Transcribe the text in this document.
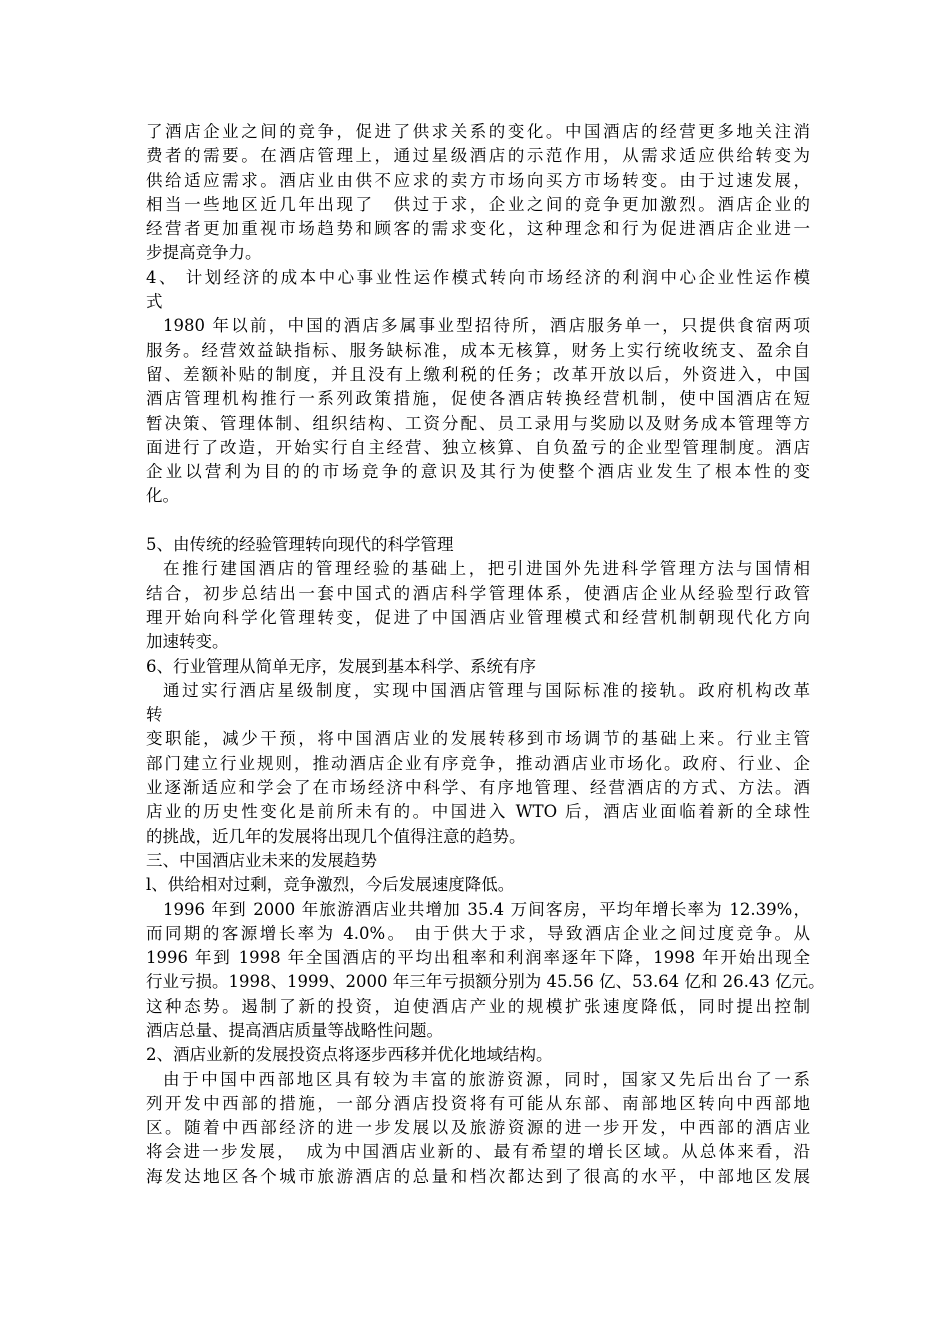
了酒店企业之间的竞争，促进了供求关系的变化。中国酒店的经营更多地关注消
费者的需要。在酒店管理上，通过星级酒店的示范作用，从需求适应供给转变为
供给适应需求。酒店业由供不应求的卖方市场向买方市场转变。由于过速发展，
相当一些地区近几年出现了　供过于求，企业之间的竞争更加激烈。酒店企业的
经营者更加重视市场趋势和顾客的需求变化，这种理念和行为促进酒店企业进一
步提高竞争力。
4、 计划经济的成本中心事业性运作模式转向市场经济的利润中心企业性运作模
式
1980 年以前，中国的酒店多属事业型招待所，酒店服务单一，只提供食宿两项
服务。经营效益缺指标、服务缺标准，成本无核算，财务上实行统收统支、盈余自
留、差额补贴的制度，并且没有上缴利税的任务；改革开放以后，外资进入，中国
酒店管理机构推行一系列政策措施，促使各酒店转换经营机制，使中国酒店在短
暂决策、管理体制、组织结构、工资分配、员工录用与奖励以及财务成本管理等方
面进行了改造，开始实行自主经营、独立核算、自负盈亏的企业型管理制度。酒店
企业以营利为目的的市场竞争的意识及其行为使整个酒店业发生了根本性的变
化。
5、由传统的经验管理转向现代的科学管理
在推行建国酒店的管理经验的基础上，把引进国外先进科学管理方法与国情相
结合，初步总结出一套中国式的酒店科学管理体系，使酒店企业从经验型行政管
理开始向科学化管理转变，促进了中国酒店业管理模式和经营机制朝现代化方向
加速转变。
6、行业管理从简单无序，发展到基本科学、系统有序
通过实行酒店星级制度，实现中国酒店管理与国际标准的接轨。政府机构改革
转
变职能，减少干预，将中国酒店业的发展转移到市场调节的基础上来。行业主管
部门建立行业规则，推动酒店企业有序竞争，推动酒店业市场化。政府、行业、企
业逐渐适应和学会了在市场经济中科学、有序地管理、经营酒店的方式、方法。酒
店业的历史性变化是前所未有的。中国进入 WTO 后，酒店业面临着新的全球性
的挑战，近几年的发展将出现几个值得注意的趋势。
三、中国酒店业未来的发展趋势
l、供给相对过剩，竞争激烈，今后发展速度降低。
1996 年到 2000 年旅游酒店业共增加 35.4 万间客房，平均年增长率为 12.39%，
而同期的客源增长率为 4.0%。 由于供大于求，导致酒店企业之间过度竞争。从
1996 年到 1998 年全国酒店的平均出租率和利润率逐年下降，1998 年开始出现全
行业亏损。1998、1999、2000 年三年亏损额分别为 45.56 亿、53.64 亿和 26.43 亿元。
这种态势。遏制了新的投资，迫使酒店产业的规模扩张速度降低，同时提出控制
酒店总量、提高酒店质量等战略性问题。
2、酒店业新的发展投资点将逐步西移并优化地域结构。
由于中国中西部地区具有较为丰富的旅游资源，同时，国家又先后出台了一系
列开发中西部的措施，一部分酒店投资将有可能从东部、南部地区转向中西部地
区。随着中西部经济的进一步发展以及旅游资源的进一步开发，中西部的酒店业
将会进一步发展，　成为中国酒店业新的、最有希望的增长区域。从总体来看，沿
海发达地区各个城市旅游酒店的总量和档次都达到了很高的水平，中部地区发展
